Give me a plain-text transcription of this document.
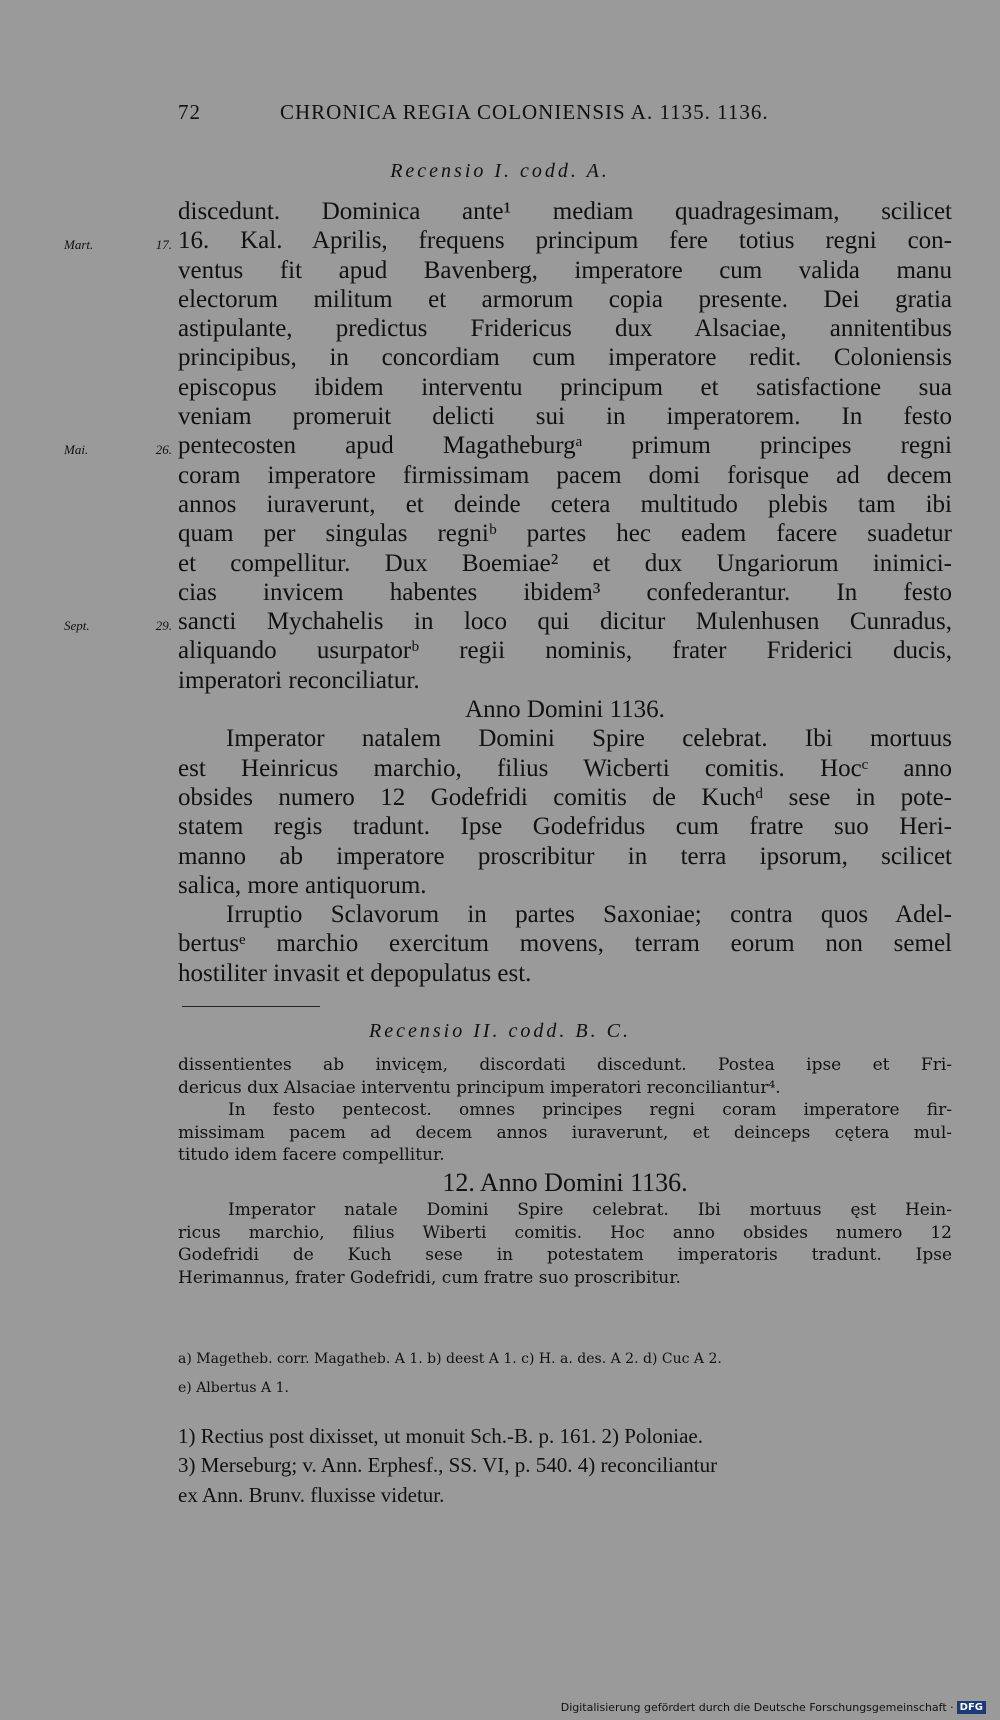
72	CHRONICA REGIA COLONIENSIS A. 1135. 1136.
Recensio I. codd. A.
discedunt. Dominica ante¹ mediam quadragesimam, scilicet
Mart. 17. 16. Kal. Aprilis, frequens principum fere totius regni con-
ventus fit apud Bavenberg, imperatore cum valida manu
electorum militum et armorum copia presente. Dei gratia
astipulante, predictus Fridericus dux Alsaciae, annitentibus
principibus, in concordiam cum imperatore redit. Coloniensis
episcopus ibidem interventu principum et satisfactione sua
veniam promeruit delicti sui in imperatorem. In festo
Mai. 26. pentecosten apud Magatheburgᵃ primum principes regni
coram imperatore firmissimam pacem domi forisque ad decem
annos iuraverunt, et deinde cetera multitudo plebis tam ibi
quam per singulas regniᵇ partes hec eadem facere suadetur
et compellitur. Dux Boemiae² et dux Ungariorum inimici-
cias invicem habentes ibidem³ confederantur. In festo
Sept. 29. sancti Mychahelis in loco qui dicitur Mulenhusen Cunradus,
aliquando usurpatorᵇ regii nominis, frater Friderici ducis,
imperatori reconciliatur.
Anno Domini 1136.
Imperator natalem Domini Spire celebrat. Ibi mortuus
est Heinricus marchio, filius Wicberti comitis. Hocᶜ anno
obsides numero 12 Godefridi comitis de Kuchᵈ sese in pote-
statem regis tradunt. Ipse Godefridus cum fratre suo Heri-
manno ab imperatore proscribitur in terra ipsorum, scilicet
salica, more antiquorum.
Irruptio Sclavorum in partes Saxoniae; contra quos Adel-
bertusᵉ marchio exercitum movens, terram eorum non semel
hostiliter invasit et depopulatus est.
Recensio II. codd. B. C.
dissentientes ab invicęm, discordati discedunt. Postea ipse et Fri-
dericus dux Alsaciae interventu principum imperatori reconciliantur⁴.
In festo pentecost. omnes principes regni coram imperatore fir-
missimam pacem ad decem annos iuraverunt, et deinceps cętera mul-
titudo idem facere compellitur.
12. Anno Domini 1136.
Imperator natale Domini Spire celebrat. Ibi mortuus ęst Hein-
ricus marchio, filius Wiberti comitis. Hoc anno obsides numero 12
Godefridi de Kuch sese in potestatem imperatoris tradunt. Ipse
Herimannus, frater Godefridi, cum fratre suo proscribitur.
a) Magetheb. corr. Magatheb. A 1. b) deest A 1. c) H. a. des. A 2. d) Cuc A 2.
e) Albertus A 1.
1) Rectius post dixisset, ut monuit Sch.-B. p. 161. 2) Poloniae.
3) Merseburg; v. Ann. Erphesf., SS. VI, p. 540. 4) reconciliantur
ex Ann. Brunv. fluxisse videtur.
Digitalisierung gefördert durch die Deutsche Forschungsgemeinschaft · DFG
